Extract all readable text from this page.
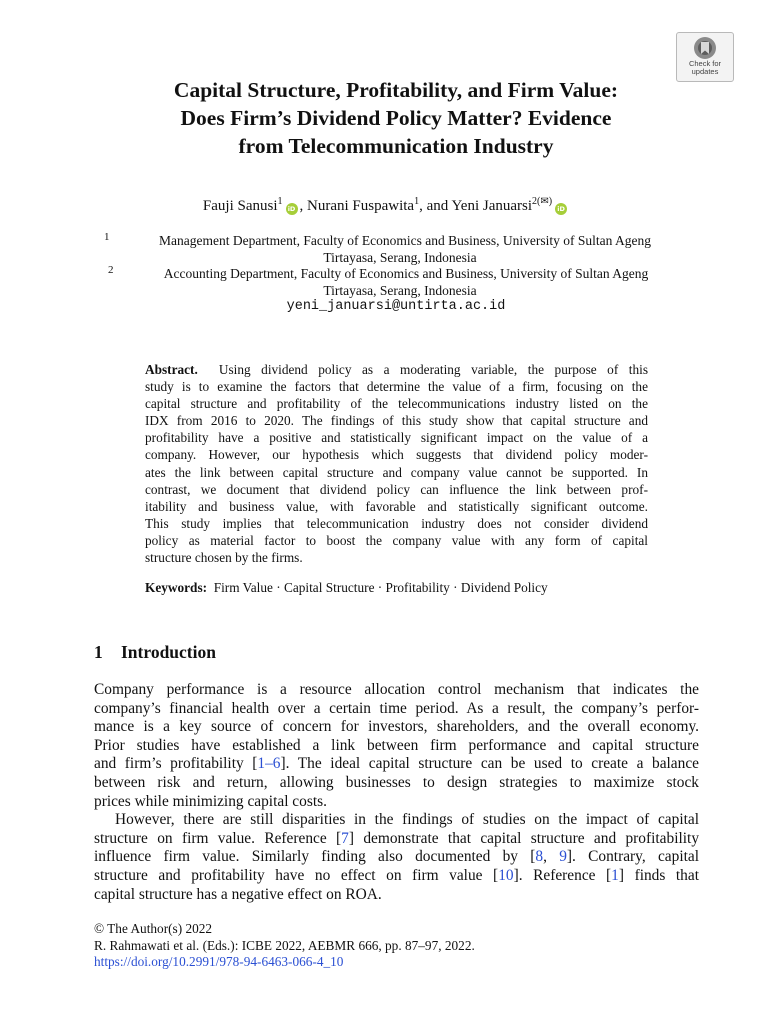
Check for
updates
Capital Structure, Profitability, and Firm Value:
Does Firm’s Dividend Policy Matter? Evidence
from Telecommunication Industry
Fauji Sanusi$^1$iD , Nurani Fuspawita$^1$, and Yeni Januarsi$^{2(✉)}$iD
1	Management Department, Faculty of Economics and Business, University of Sultan Ageng
Tirtayasa, Serang, Indonesia
2	Accounting Department, Faculty of Economics and Business, University of Sultan Ageng
Tirtayasa, Serang, Indonesia
yeni_januarsi@untirta.ac.id
Abstract. Using dividend policy as a moderating variable, the purpose of this
study is to examine the factors that determine the value of a firm, focusing on the
capital structure and profitability of the telecommunications industry listed on the
IDX from 2016 to 2020. The findings of this study show that capital structure and
profitability have a positive and statistically significant impact on the value of a
company. However, our hypothesis which suggests that dividend policy moder-
ates the link between capital structure and company value cannot be supported. In
contrast, we document that dividend policy can influence the link between prof-
itability and business value, with favorable and statistically significant outcome.
This study implies that telecommunication industry does not consider dividend
policy as material factor to boost the company value with any form of capital
structure chosen by the firms.
Keywords: Firm Value · Capital Structure · Profitability · Dividend Policy
1 Introduction
Company performance is a resource allocation control mechanism that indicates the
company’s financial health over a certain time period. As a result, the company’s perfor-
mance is a key source of concern for investors, shareholders, and the overall economy.
Prior studies have established a link between firm performance and capital structure
and firm’s profitability [1–6]. The ideal capital structure can be used to create a balance
between risk and return, allowing businesses to design strategies to maximize stock
prices while minimizing capital costs.
However, there are still disparities in the findings of studies on the impact of capital
structure on firm value. Reference [7] demonstrate that capital structure and profitability
influence firm value. Similarly finding also documented by [8, 9]. Contrary, capital
structure and profitability have no effect on firm value [10]. Reference [1] finds that
capital structure has a negative effect on ROA.
© The Author(s) 2022
R. Rahmawati et al. (Eds.): ICBE 2022, AEBMR 666, pp. 87–97, 2022.
https://doi.org/10.2991/978-94-6463-066-4_10
